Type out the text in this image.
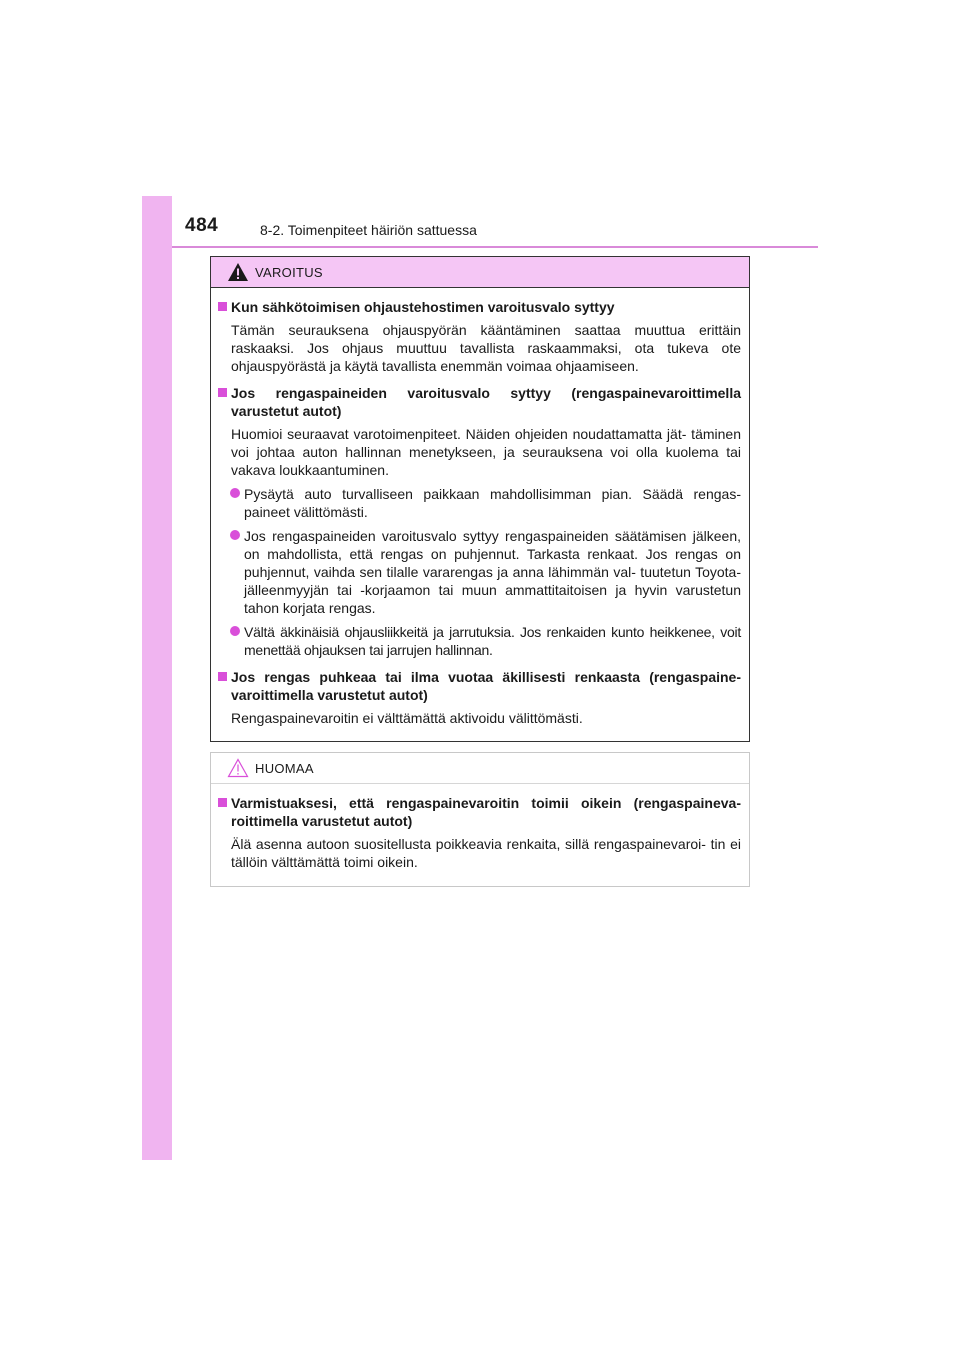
484	8-2. Toimenpiteet häiriön sattuessa
VAROITUS
Kun sähkötoimisen ohjaustehostimen varoitusvalo syttyy
Tämän seurauksena ohjauspyörän kääntäminen saattaa muuttua erittäin raskaaksi. Jos ohjaus muuttuu tavallista raskaammaksi, ota tukeva ote ohjauspyörästä ja käytä tavallista enemmän voimaa ohjaamiseen.
Jos rengaspaineiden varoitusvalo syttyy (rengaspainevaroittimella varustetut autot)
Huomioi seuraavat varotoimenpiteet. Näiden ohjeiden noudattamatta jät- täminen voi johtaa auton hallinnan menetykseen, ja seurauksena voi olla kuolema tai vakava loukkaantuminen.
Pysäytä auto turvalliseen paikkaan mahdollisimman pian. Säädä rengas- paineet välittömästi.
Jos rengaspaineiden varoitusvalo syttyy rengaspaineiden säätämisen jälkeen, on mahdollista, että rengas on puhjennut. Tarkasta renkaat. Jos rengas on puhjennut, vaihda sen tilalle vararengas ja anna lähimmän val- tuutetun Toyota-jälleenmyyjän tai -korjaamon tai muun ammattitaitoisen ja hyvin varustetun tahon korjata rengas.
Vältä äkkinäisiä ohjausliikkeitä ja jarrutuksia. Jos renkaiden kunto heikkenee, voit menettää ohjauksen tai jarrujen hallinnan.
Jos rengas puhkeaa tai ilma vuotaa äkillisesti renkaasta (rengaspaine- varoittimella varustetut autot)
Rengaspainevaroitin ei välttämättä aktivoidu välittömästi.
HUOMAA
Varmistuaksesi, että rengaspainevaroitin toimii oikein (rengaspaineva- roittimella varustetut autot)
Älä asenna autoon suositellusta poikkeavia renkaita, sillä rengaspainevaroi- tin ei tällöin välttämättä toimi oikein.
